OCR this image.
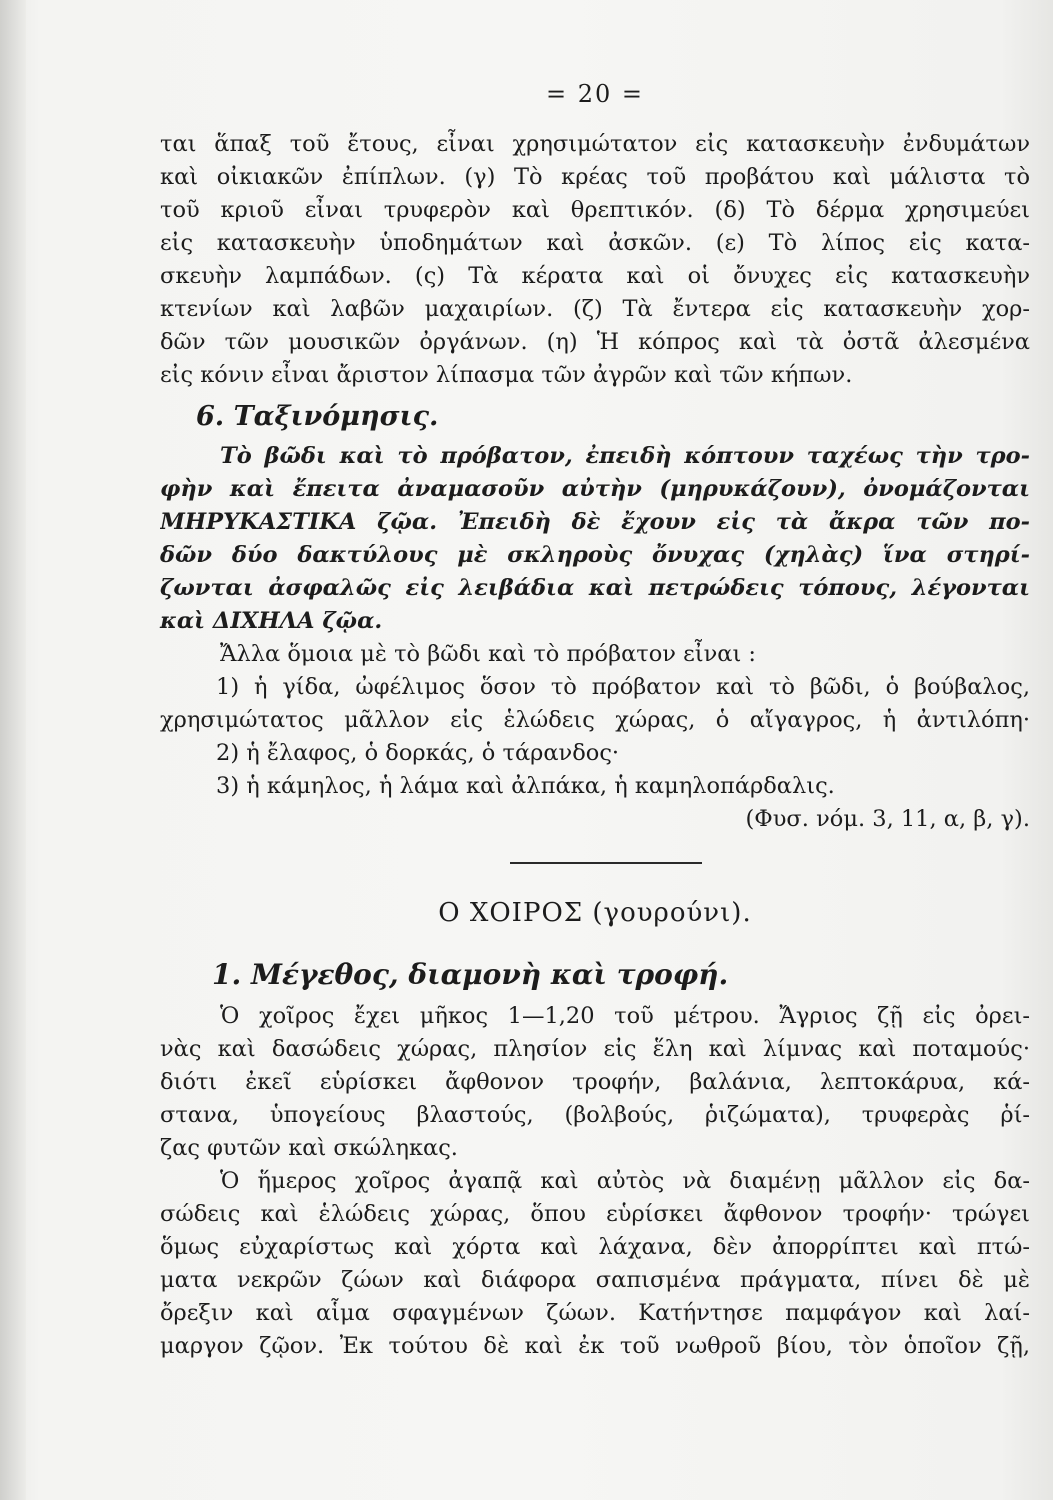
= 20 =
ται ἅπαξ τοῦ ἔτους, εἶναι χρησιμώτατον εἰς κατασκευὴν ἐνδυμάτων
καὶ οἰκιακῶν ἐπίπλων. (γ) Τὸ κρέας τοῦ προβάτου καὶ μάλιστα τὸ
τοῦ κριοῦ εἶναι τρυφερὸν καὶ θρεπτικόν. (δ) Τὸ δέρμα χρησιμεύει
εἰς κατασκευὴν ὑποδημάτων καὶ ἀσκῶν. (ε) Τὸ λίπος εἰς κατα-
σκευὴν λαμπάδων. (ς) Τὰ κέρατα καὶ οἱ ὄνυχες εἰς κατασκευὴν
κτενίων καὶ λαβῶν μαχαιρίων. (ζ) Τὰ ἔντερα εἰς κατασκευὴν χορ-
δῶν τῶν μουσικῶν ὀργάνων. (η) Ἡ κόπρος καὶ τὰ ὀστᾶ ἀλεσμένα
εἰς κόνιν εἶναι ἄριστον λίπασμα τῶν ἀγρῶν καὶ τῶν κήπων.
6. Ταξινόμησις.
Τὸ βῶδι καὶ τὸ πρόβατον, ἐπειδὴ κόπτουν ταχέως τὴν τρο-
φὴν καὶ ἔπειτα ἀναμασοῦν αὐτὴν (μηρυκάζουν), ὀνομάζονται
ΜΗΡΥΚΑΣΤΙΚΑ ζῷα. Ἐπειδὴ δὲ ἔχουν εἰς τὰ ἄκρα τῶν πο-
δῶν δύο δακτύλους μὲ σκληροὺς ὄνυχας (χηλὰς) ἵνα στηρί-
ζωνται ἀσφαλῶς εἰς λειβάδια καὶ πετρώδεις τόπους, λέγονται
καὶ ΔΙΧΗΛΑ ζῷα.
Ἄλλα ὅμοια μὲ τὸ βῶδι καὶ τὸ πρόβατον εἶναι :
1) ἡ γίδα, ὠφέλιμος ὅσον τὸ πρόβατον καὶ τὸ βῶδι, ὁ βούβαλος,
χρησιμώτατος μᾶλλον εἰς ἑλώδεις χώρας, ὁ αἴγαγρος, ἡ ἀντιλόπη·
2) ἡ ἔλαφος, ὁ δορκάς, ὁ τάρανδος·
3) ἡ κάμηλος, ἡ λάμα καὶ ἀλπάκα, ἡ καμηλοπάρδαλις.
(Φυσ. νόμ. 3, 11, α, β, γ).
Ο ΧΟΙΡΟΣ (γουρούνι).
1. Μέγεθος, διαμονὴ καὶ τροφή.
Ὁ χοῖρος ἔχει μῆκος 1—1,20 τοῦ μέτρου. Ἄγριος ζῇ εἰς ὀρει-
νὰς καὶ δασώδεις χώρας, πλησίον εἰς ἕλη καὶ λίμνας καὶ ποταμούς·
διότι ἐκεῖ εὑρίσκει ἄφθονον τροφήν, βαλάνια, λεπτοκάρυα, κά-
στανα, ὑπογείους βλαστούς, (βολβούς, ῥιζώματα), τρυφερὰς ῥί-
ζας φυτῶν καὶ σκώληκας.
Ὁ ἥμερος χοῖρος ἀγαπᾷ καὶ αὐτὸς νὰ διαμένῃ μᾶλλον εἰς δα-
σώδεις καὶ ἑλώδεις χώρας, ὅπου εὑρίσκει ἄφθονον τροφήν· τρώγει
ὅμως εὐχαρίστως καὶ χόρτα καὶ λάχανα, δὲν ἀπορρίπτει καὶ πτώ-
ματα νεκρῶν ζώων καὶ διάφορα σαπισμένα πράγματα, πίνει δὲ μὲ
ὄρεξιν καὶ αἷμα σφαγμένων ζώων. Κατήντησε παμφάγον καὶ λαί-
μαργον ζῷον. Ἐκ τούτου δὲ καὶ ἐκ τοῦ νωθροῦ βίου, τὸν ὁποῖον ζῇ,
